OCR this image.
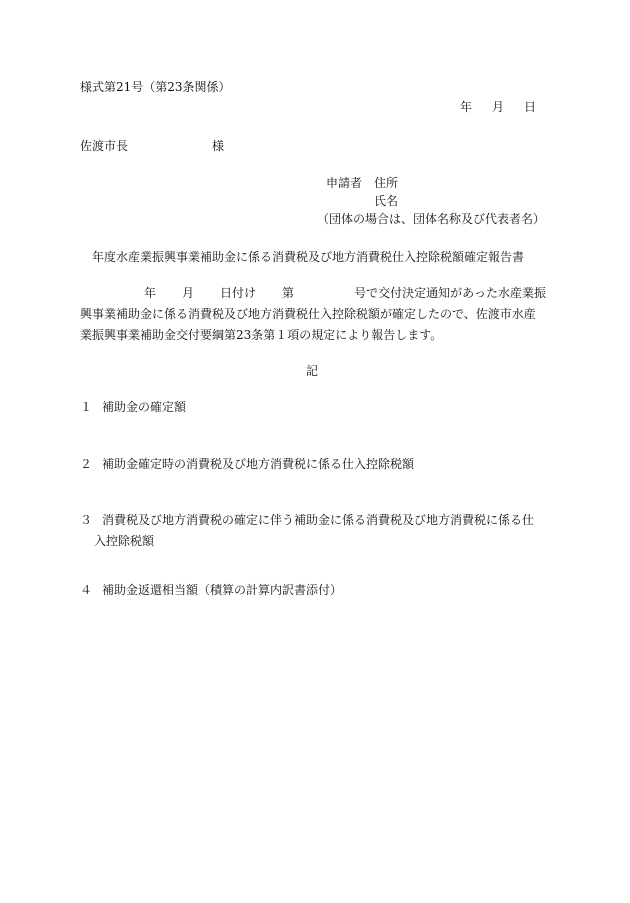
様式第21号（第23条関係）
年 月 日
佐渡市長	様
申請者 住所
氏名
（団体の場合は、団体名称及び代表者名）
年度水産業振興事業補助金に係る消費税及び地方消費税仕入控除税額確定報告書
年 月 日付け 第	号で交付決定通知があった水産業振
興事業補助金に係る消費税及び地方消費税仕入控除税額が確定したので、佐渡市水産
業振興事業補助金交付要綱第23条第１項の規定により報告します。
記
１ 補助金の確定額
２ 補助金確定時の消費税及び地方消費税に係る仕入控除税額
３ 消費税及び地方消費税の確定に伴う補助金に係る消費税及び地方消費税に係る仕
入控除税額
４ 補助金返還相当額（積算の計算内訳書添付）
